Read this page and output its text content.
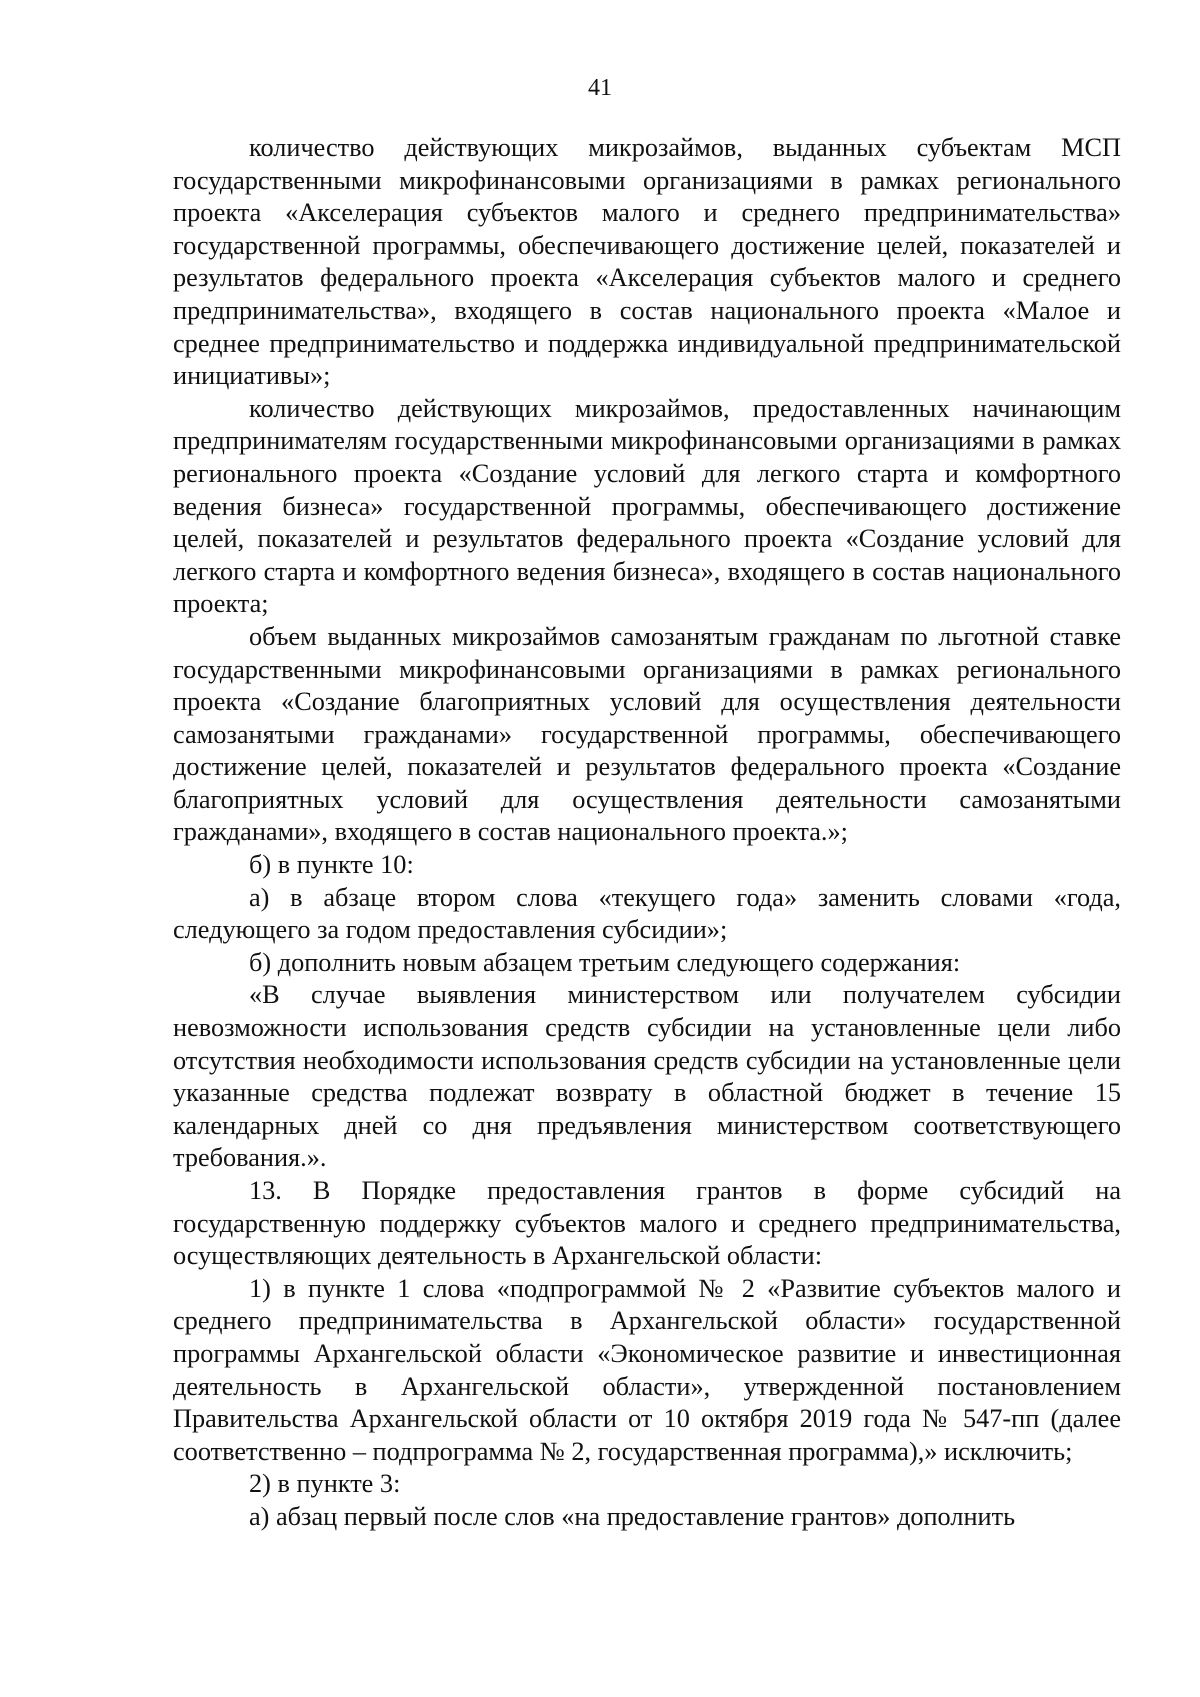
41

количество действующих микрозаймов, выданных субъектам МСП государственными микрофинансовыми организациями в рамках регионального проекта «Акселерация субъектов малого и среднего предпринимательства» государственной программы, обеспечивающего достижение целей, показателей и результатов федерального проекта «Акселерация субъектов малого и среднего предпринимательства», входящего в состав национального проекта «Малое и среднее предпринимательство и поддержка индивидуальной предпринимательской инициативы»;

количество действующих микрозаймов, предоставленных начинающим предпринимателям государственными микрофинансовыми организациями в рамках регионального проекта «Создание условий для легкого старта и комфортного ведения бизнеса» государственной программы, обеспечивающего достижение целей, показателей и результатов федерального проекта «Создание условий для легкого старта и комфортного ведения бизнеса», входящего в состав национального проекта;

объем выданных микрозаймов самозанятым гражданам по льготной ставке государственными микрофинансовыми организациями в рамках регионального проекта «Создание благоприятных условий для осуществления деятельности самозанятыми гражданами» государственной программы, обеспечивающего достижение целей, показателей и результатов федерального проекта «Создание благоприятных условий для осуществления деятельности самозанятыми гражданами», входящего в состав национального проекта.»;

б) в пункте 10:

а) в абзаце втором слова «текущего года» заменить словами «года, следующего за годом предоставления субсидии»;

б) дополнить новым абзацем третьим следующего содержания:

«В случае выявления министерством или получателем субсидии невозможности использования средств субсидии на установленные цели либо отсутствия необходимости использования средств субсидии на установленные цели указанные средства подлежат возврату в областной бюджет в течение 15 календарных дней со дня предъявления министерством соответствующего требования.».

13. В Порядке предоставления грантов в форме субсидий на государственную поддержку субъектов малого и среднего предпринимательства, осуществляющих деятельность в Архангельской области:

1) в пункте 1 слова «подпрограммой № 2 «Развитие субъектов малого и среднего предпринимательства в Архангельской области» государственной программы Архангельской области «Экономическое развитие и инвестиционная деятельность в Архангельской области», утвержденной постановлением Правительства Архангельской области от 10 октября 2019 года № 547-пп (далее соответственно – подпрограмма № 2, государственная программа),» исключить;

2) в пункте 3:

а) абзац первый после слов «на предоставление грантов» дополнить
